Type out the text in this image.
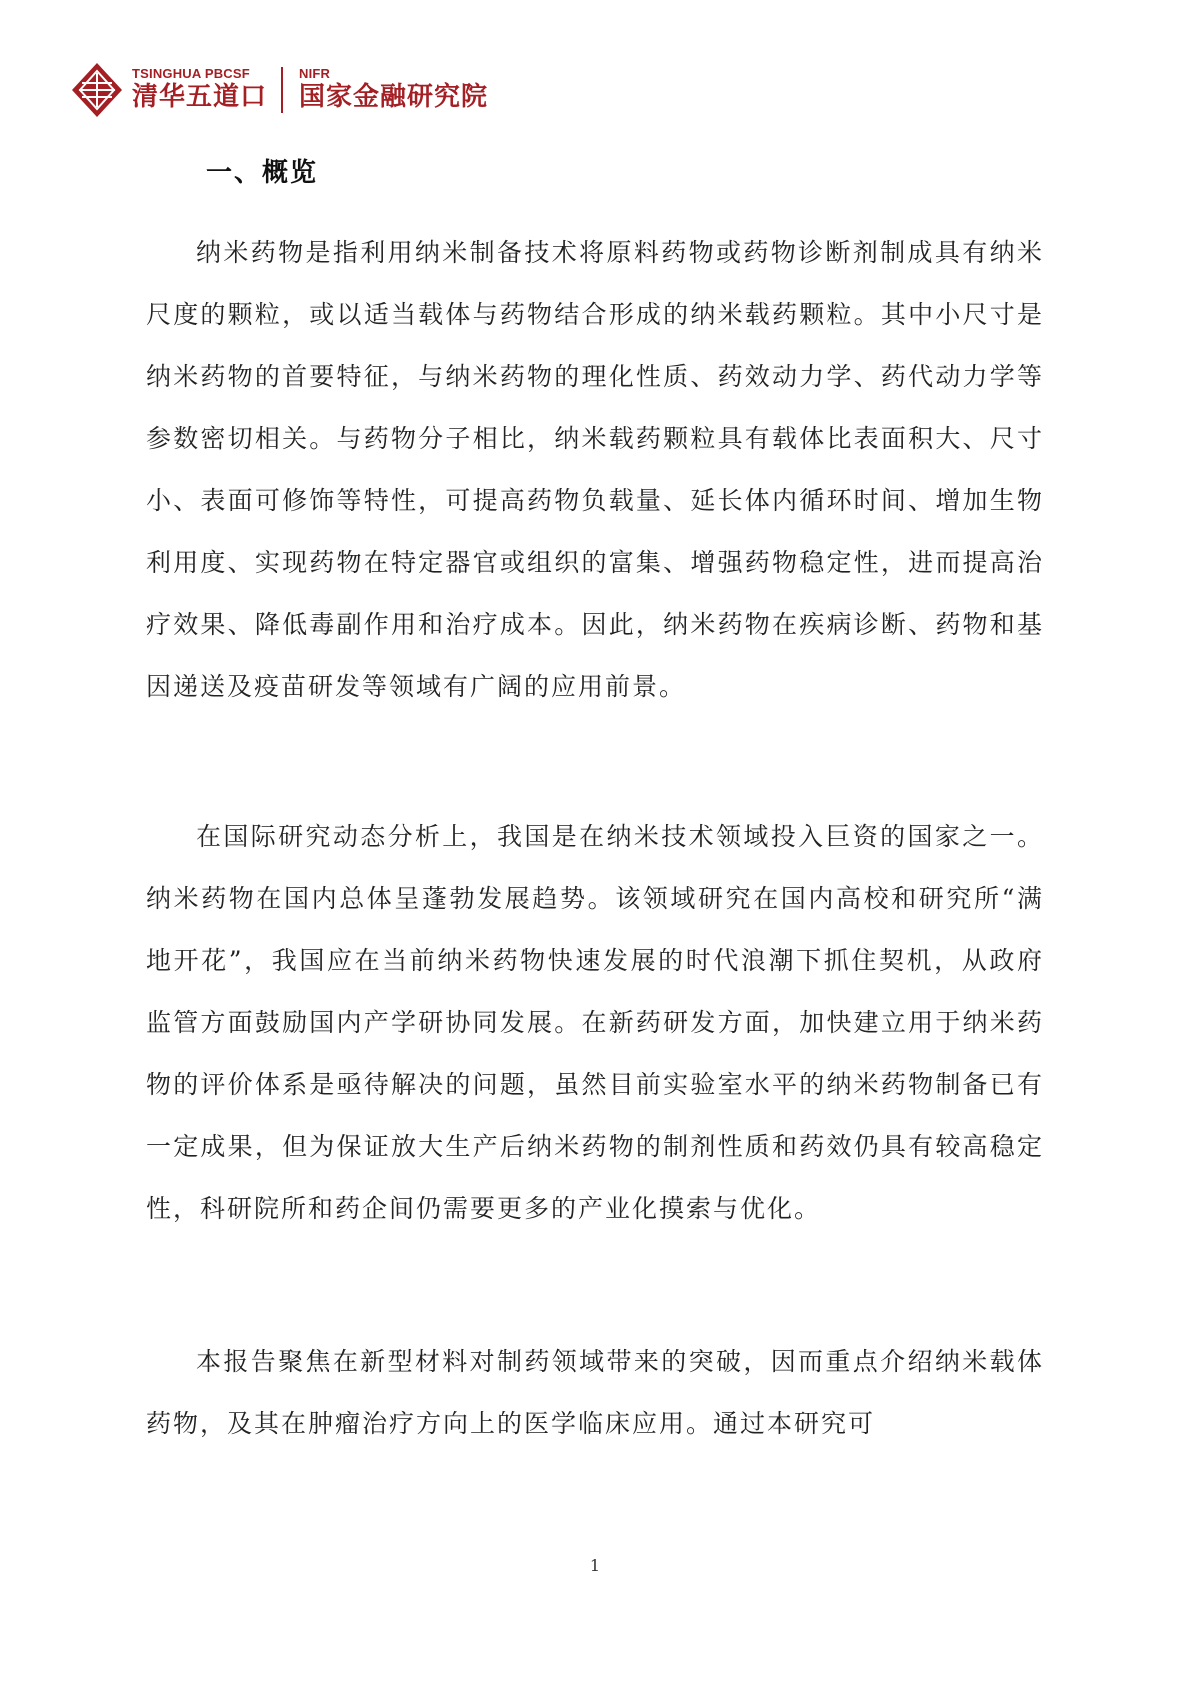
TSINGHUA PBCSF
清华五道口
NIFR
国家金融研究院
一、概览

纳米药物是指利用纳米制备技术将原料药物或药物诊断剂制成具有纳米尺度的颗粒，或以适当载体与药物结合形成的纳米载药颗粒。其中小尺寸是纳米药物的首要特征，与纳米药物的理化性质、药效动力学、药代动力学等参数密切相关。与药物分子相比，纳米载药颗粒具有载体比表面积大、尺寸小、表面可修饰等特性，可提高药物负载量、延长体内循环时间、增加生物利用度、实现药物在特定器官或组织的富集、增强药物稳定性，进而提高治疗效果、降低毒副作用和治疗成本。因此，纳米药物在疾病诊断、药物和基因递送及疫苗研发等领域有广阔的应用前景。

在国际研究动态分析上，我国是在纳米技术领域投入巨资的国家之一。纳米药物在国内总体呈蓬勃发展趋势。该领域研究在国内高校和研究所“满地开花”，我国应在当前纳米药物快速发展的时代浪潮下抓住契机，从政府监管方面鼓励国内产学研协同发展。在新药研发方面，加快建立用于纳米药物的评价体系是亟待解决的问题，虽然目前实验室水平的纳米药物制备已有一定成果，但为保证放大生产后纳米药物的制剂性质和药效仍具有较高稳定性，科研院所和药企间仍需要更多的产业化摸索与优化。

本报告聚焦在新型材料对制药领域带来的突破，因而重点介绍纳米载体药物，及其在肿瘤治疗方向上的医学临床应用。通过本研究可

1
